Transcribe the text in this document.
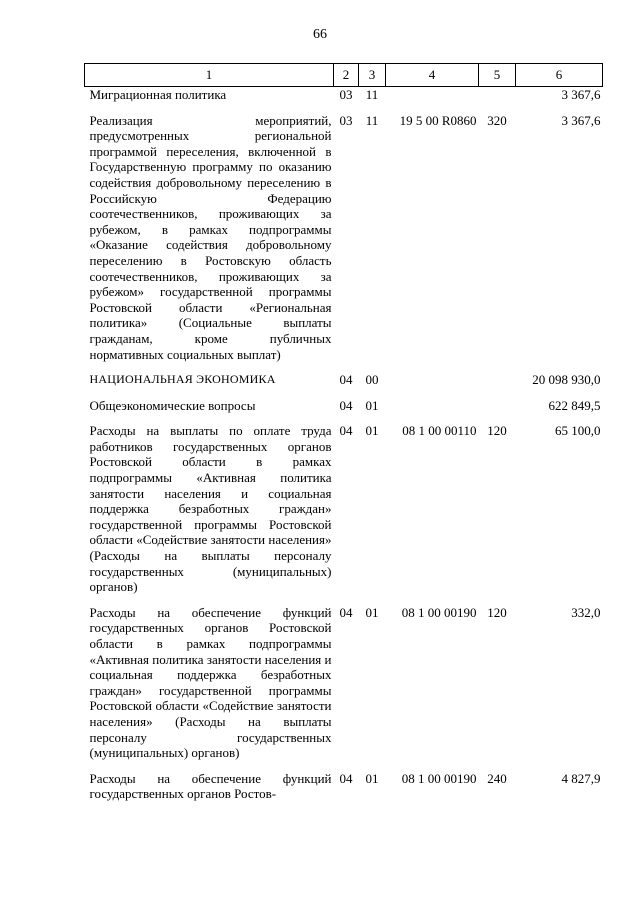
66
1	2	3	4	5	6
Миграционная политика	03	11			3 367,6

Реализация мероприятий, предусмотренных региональной программой переселения, включенной в Государственную программу по оказанию содействия добровольному переселению в Российскую Федерацию соотечественников, проживающих за рубежом, в рамках подпрограммы «Оказание содействия добровольному переселению в Ростовскую область соотечественников, проживающих за рубежом» государственной программы Ростовской области «Региональная политика» (Социальные выплаты гражданам, кроме публичных нормативных социальных выплат)	03	11	19 5 00 R0860	320	3 367,6

НАЦИОНАЛЬНАЯ ЭКОНОМИКА	04	00			20 098 930,0

Общеэкономические вопросы	04	01			622 849,5

Расходы на выплаты по оплате труда работников государственных органов Ростовской области в рамках подпрограммы «Активная политика занятости населения и социальная поддержка безработных граждан» государственной программы Ростовской области «Содействие занятости населения» (Расходы на выплаты персоналу государственных (муниципальных) органов)	04	01	08 1 00 00110	120	65 100,0

Расходы на обеспечение функций государственных органов Ростовской области в рамках подпрограммы «Активная политика занятости населения и социальная поддержка безработных граждан» государственной программы Ростовской области «Содействие занятости населения» (Расходы на выплаты персоналу государственных (муниципальных) органов)	04	01	08 1 00 00190	120	332,0

Расходы на обеспечение функций государственных органов Ростов-	04	01	08 1 00 00190	240	4 827,9
